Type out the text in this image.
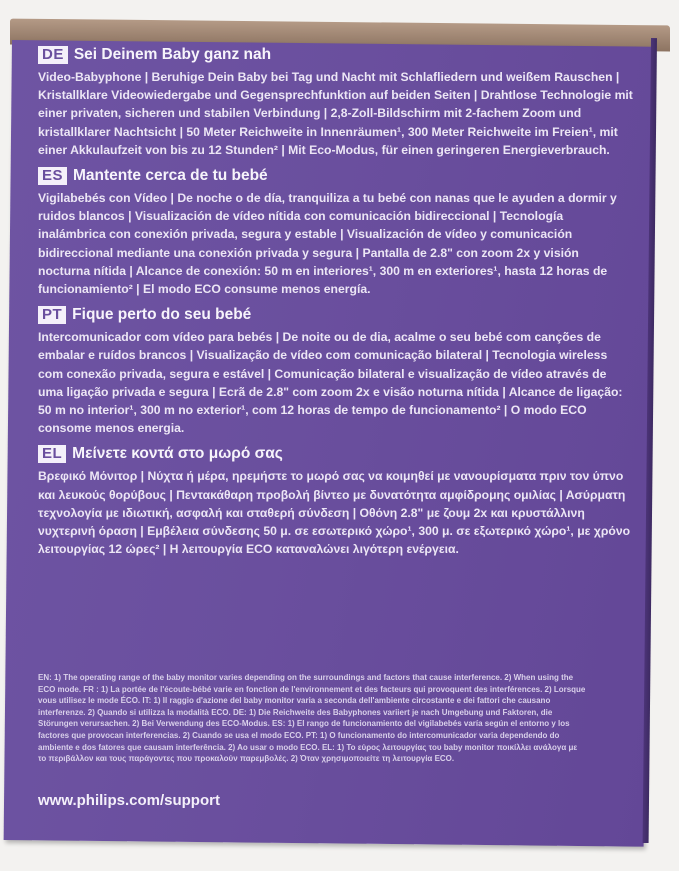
DE Sei Deinem Baby ganz nah
Video-Babyphone | Beruhige Dein Baby bei Tag und Nacht mit Schlafliedern und weißem Rauschen | Kristallklare Videowiedergabe und Gegensprechfunktion auf beiden Seiten | Drahtlose Technologie mit einer privaten, sicheren und stabilen Verbindung | 2,8-Zoll-Bildschirm mit 2-fachem Zoom und kristallklarer Nachtsicht | 50 Meter Reichweite in Innenräumen¹, 300 Meter Reichweite im Freien¹, mit einer Akkulaufzeit von bis zu 12 Stunden² | Mit Eco-Modus, für einen geringeren Energieverbrauch.
ES Mantente cerca de tu bebé
Vigilabebés con Vídeo | De noche o de día, tranquiliza a tu bebé con nanas que le ayuden a dormir y ruidos blancos | Visualización de vídeo nítida con comunicación bidireccional | Tecnología inalámbrica con conexión privada, segura y estable | Visualización de vídeo y comunicación bidireccional mediante una conexión privada y segura | Pantalla de 2.8" con zoom 2x y visión nocturna nítida | Alcance de conexión: 50 m en interiores¹, 300 m en exteriores¹, hasta 12 horas de funcionamiento² | El modo ECO consume menos energía.
PT Fique perto do seu bebé
Intercomunicador com vídeo para bebés | De noite ou de dia, acalme o seu bebé com canções de embalar e ruídos brancos | Visualização de vídeo com comunicação bilateral | Tecnologia wireless com conexão privada, segura e estável | Comunicação bilateral e visualização de vídeo através de uma ligação privada e segura | Ecrã de 2.8" com zoom 2x e visão noturna nítida | Alcance de ligação: 50 m no interior¹, 300 m no exterior¹, com 12 horas de tempo de funcionamento² | O modo ECO consome menos energia.
EL Μείνετε κοντά στο μωρό σας
Βρεφικό Μόνιτορ | Νύχτα ή μέρα, ηρεμήστε το μωρό σας να κοιμηθεί με νανουρίσματα πριν τον ύπνο και λευκούς θορύβους | Πεντακάθαρη προβολή βίντεο με δυνατότητα αμφίδρομης ομιλίας | Ασύρματη τεχνολογία με ιδιωτική, ασφαλή και σταθερή σύνδεση | Οθόνη 2.8" με ζουμ 2x και κρυστάλλινη νυχτερινή όραση | Εμβέλεια σύνδεσης 50 μ. σε εσωτερικό χώρο¹, 300 μ. σε εξωτερικό χώρο¹, με χρόνο λειτουργίας 12 ώρες² | Η λειτουργία ECO καταναλώνει λιγότερη ενέργεια.
EN: 1) The operating range of the baby monitor varies depending on the surroundings and factors that cause interference. 2) When using the ECO mode. FR : 1) La portée de l'écoute-bébé varie en fonction de l'environnement et des facteurs qui provoquent des interférences. 2) Lorsque vous utilisez le mode ÉCO. IT: 1) Il raggio d'azione del baby monitor varia a seconda dell'ambiente circostante e dei fattori che causano interferenze. 2) Quando si utilizza la modalità ECO. DE: 1) Die Reichweite des Babyphones variiert je nach Umgebung und Faktoren, die Störungen verursachen. 2) Bei Verwendung des ECO-Modus. ES: 1) El rango de funcionamiento del vigilabebés varía según el entorno y los factores que provocan interferencias. 2) Cuando se usa el modo ECO. PT: 1) O funcionamento do intercomunicador varia dependendo do ambiente e dos fatores que causam interferência. 2) Ao usar o modo ECO. EL: 1) Το εύρος λειτουργίας του baby monitor ποικίλλει ανάλογα με το περιβάλλον και τους παράγοντες που προκαλούν παρεμβολές. 2) Όταν χρησιμοποιείτε τη λειτουργία ECO.
www.philips.com/support
